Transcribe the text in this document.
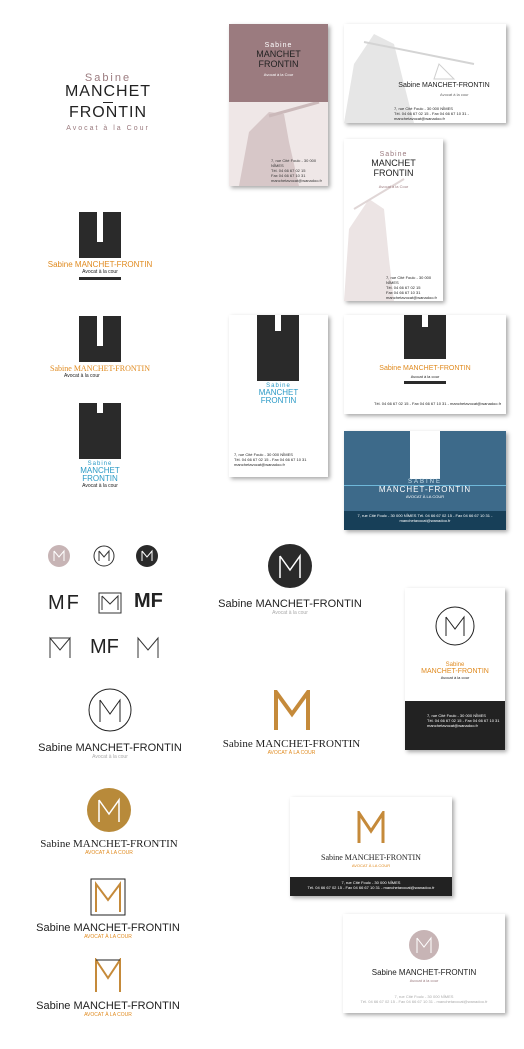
Sabine
MANCHET
FRONTIN
Avocat à la Cour
Sabine
MANCHET
FRONTIN
Avocat à la Cour
7, rue Cité Foulc - 30 000 NÎMES
Tél. 04 66 67 02 15
Fax 04 66 67 10 31
manchetavocat@wanadoo.fr
Sabine MANCHET-FRONTIN
Avocat à la cour
7, rue Cité Foulc - 30 000 NÎMES
Tél. 04 66 67 02 15 - Fax 04 66 67 10 31 - manchetavocat@wanadoo.fr
Sabine
MANCHET
FRONTIN
Avocat à la Cour
7, rue Cité Foulc - 30 000 NÎMES
Tél. 04 66 67 02 15
Fax 04 66 67 10 31
manchetavocat@wanadoo.fr
Sabine MANCHET-FRONTIN
Avocat à la cour
Sabine MANCHET-FRONTIN
Avocat à la cour
Sabine
MANCHET
FRONTIN
Avocat à la cour
Sabine
MANCHET
FRONTIN
7, rue Cité Foulc - 30 000 NÎMES
Tél. 04 66 67 02 15 - Fax 04 66 67 10 31
manchetavocat@wanadoo.fr
Sabine MANCHET-FRONTIN
Avocat à la cour
Tél. 04 66 67 02 15 - Fax 04 66 67 10 31 - manchetavocat@wanadoo.fr
SABINE
MANCHET-FRONTIN
AVOCAT À LA COUR
7, rue Cité Foulc - 30 000 NÎMES Tél. 04 66 67 02 15 - Fax 04 66 67 10 31 - manchetavocat@wanadoo.fr
MF	MF
MF
Sabine MANCHET-FRONTIN
Avocat à la cour
Sabine
MANCHET-FRONTIN
Avocat à la cour
7, rue Cité Foulc - 30 000 NÎMES
Tél. 04 66 67 02 15 - Fax 04 66 67 10 31
manchetavocat@wanadoo.fr
Sabine MANCHET-FRONTIN
Avocat à la cour
Sabine MANCHET-FRONTIN
AVOCAT À LA COUR
Sabine MANCHET-FRONTIN
AVOCAT À LA COUR	Sabine MANCHET-FRONTIN
AVOCAT À LA COUR
7, rue Cité Foulc - 30 000 NÎMES
Tél. 04 66 67 02 15 - Fax 04 66 67 10 31 - manchetavocat@wanadoo.fr
Sabine MANCHET-FRONTIN
AVOCAT À LA COUR
Sabine MANCHET-FRONTIN
AVOCAT À LA COUR
Sabine MANCHET-FRONTIN
Avocat à la cour
7, rue Cité Foulc - 30 000 NÎMES
Tél. 04 66 67 02 15 - Fax 04 66 67 10 31 - manchetavocat@wanadoo.fr
